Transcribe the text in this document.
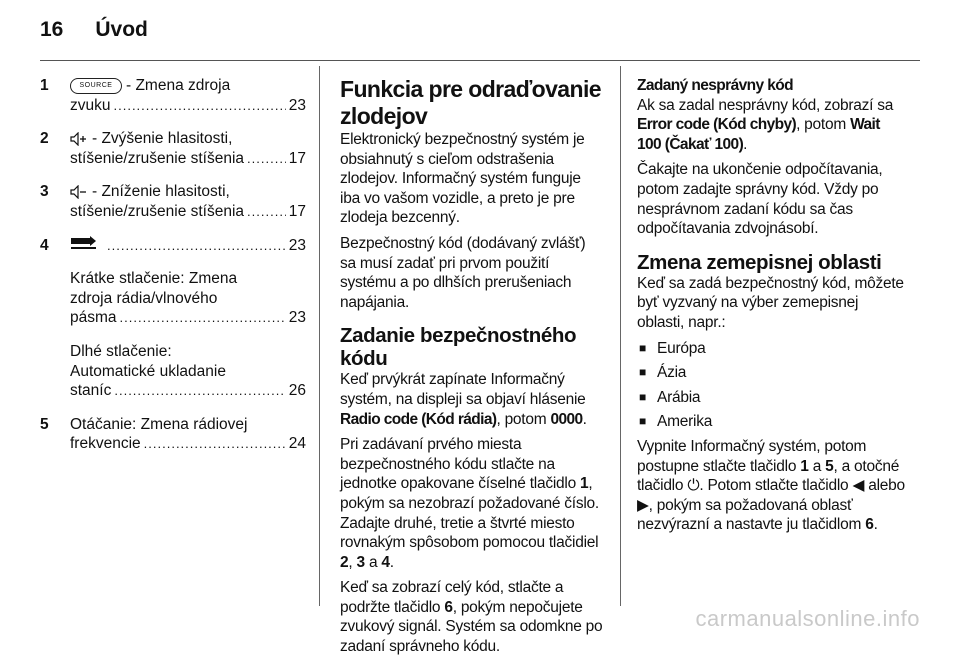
16 Úvod
1	SOURCE - Zmena zdroja
zvuku .....	23
2	- Zvýšenie hlasitosti,
stíšenie/zrušenie stíšenia .....	17
3	- Zníženie hlasitosti,
stíšenie/zrušenie stíšenia .....	17
4 .....	23
Krátke stlačenie: Zmena
zdroja rádia/vlnového
pásma .....	23
Dlhé stlačenie:
Automatické ukladanie
staníc .....	26
5 Otáčanie: Zmena rádiovej
frekvencie .....	24
Funkcia pre odraďovanie zlodejov

Elektronický bezpečnostný systém je obsiahnutý s cieľom odstrašenia zlodejov. Informačný systém funguje iba vo vašom vozidle, a preto je pre zlodeja bezcenný.

Bezpečnostný kód (dodávaný zvlášť) sa musí zadať pri prvom použití systému a po dlhších prerušeniach napájania.

Zadanie bezpečnostného kódu

Keď prvýkrát zapínate Informačný systém, na displeji sa objaví hlásenie Radio code (Kód rádia), potom 0000.

Pri zadávaní prvého miesta bezpečnostného kódu stlačte na jednotke opakovane číselné tlačidlo 1, pokým sa nezobrazí požadované číslo. Zadajte druhé, tretie a štvrté miesto rovnakým spôsobom pomocou tlačidiel 2, 3 a 4.

Keď sa zobrazí celý kód, stlačte a podržte tlačidlo 6, pokým nepočujete zvukový signál. Systém sa odomkne po zadaní správneho kódu.

Zadaný nesprávny kód

Ak sa zadal nesprávny kód, zobrazí sa Error code (Kód chyby), potom Wait 100 (Čakať 100).

Čakajte na ukončenie odpočítavania, potom zadajte správny kód. Vždy po nesprávnom zadaní kódu sa čas odpočítavania zdvojnásobí.

Zmena zemepisnej oblasti

Keď sa zadá bezpečnostný kód, môžete byť vyzvaný na výber zemepisnej oblasti, napr.:

■ Európa
■ Ázia
■ Arábia
■ Amerika

Vypnite Informačný systém, potom postupne stlačte tlačidlo 1 a 5, a otočné tlačidlo ⏻. Potom stlačte tlačidlo ◀ alebo ▶, pokým sa požadovaná oblasť nezvýrazní a nastavte ju tlačidlom 6.

carmanualsonline.info
